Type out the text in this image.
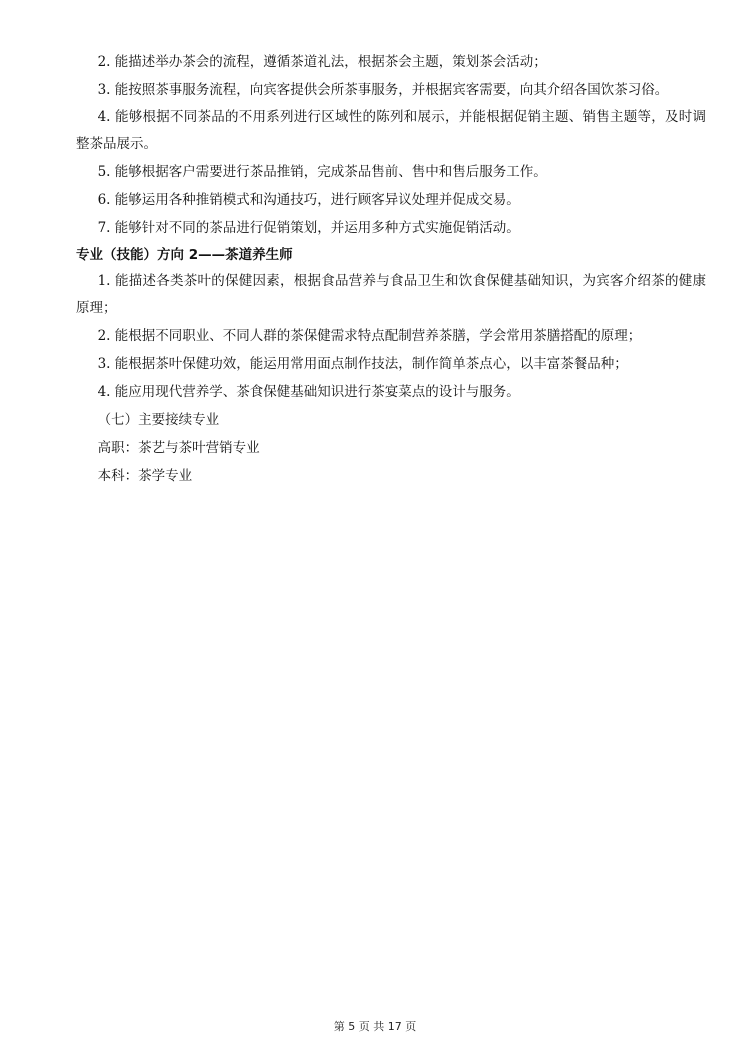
2. 能描述举办茶会的流程，遵循茶道礼法，根据茶会主题，策划茶会活动；

3. 能按照茶事服务流程，向宾客提供会所茶事服务，并根据宾客需要，向其介绍各国饮茶习俗。

4. 能够根据不同茶品的不用系列进行区域性的陈列和展示，并能根据促销主题、销售主题等，及时调整茶品展示。

5. 能够根据客户需要进行茶品推销，完成茶品售前、售中和售后服务工作。

6. 能够运用各种推销模式和沟通技巧，进行顾客异议处理并促成交易。

7. 能够针对不同的茶品进行促销策划，并运用多种方式实施促销活动。

专业（技能）方向 2——茶道养生师

1. 能描述各类茶叶的保健因素，根据食品营养与食品卫生和饮食保健基础知识，为宾客介绍茶的健康原理；

2. 能根据不同职业、不同人群的茶保健需求特点配制营养茶膳，学会常用茶膳搭配的原理；

3. 能根据茶叶保健功效，能运用常用面点制作技法，制作简单茶点心，以丰富茶餐品种；

4. 能应用现代营养学、茶食保健基础知识进行茶宴菜点的设计与服务。

（七）主要接续专业

高职：茶艺与茶叶营销专业

本科：茶学专业

第 5 页 共 17 页
